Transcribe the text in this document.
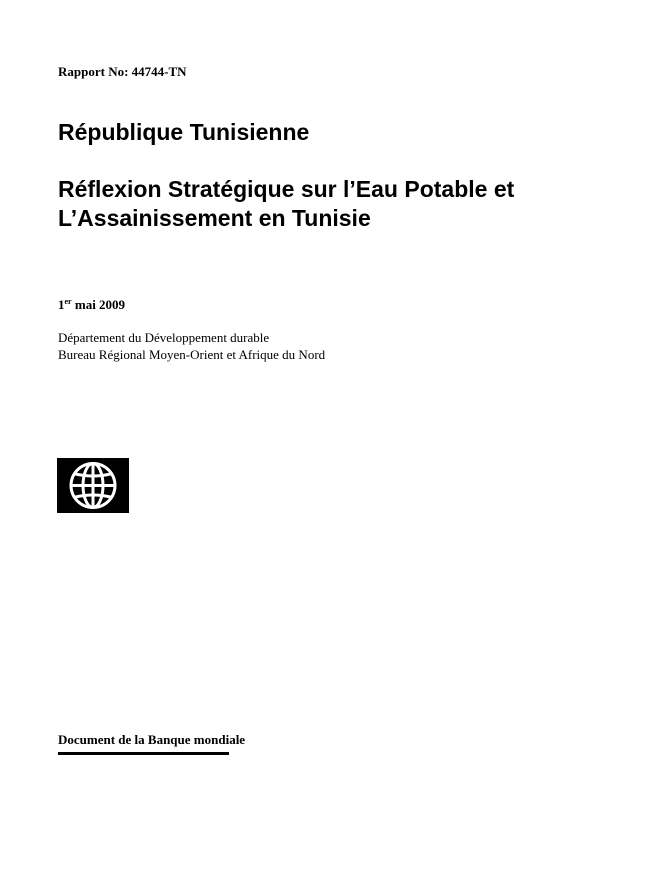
Rapport No: 44744-TN
République Tunisienne
Réflexion Stratégique sur l’Eau Potable et
L’Assainissement en Tunisie
1er mai 2009
Département du Développement durable
Bureau Régional Moyen-Orient et Afrique du Nord
Document de la Banque mondiale
